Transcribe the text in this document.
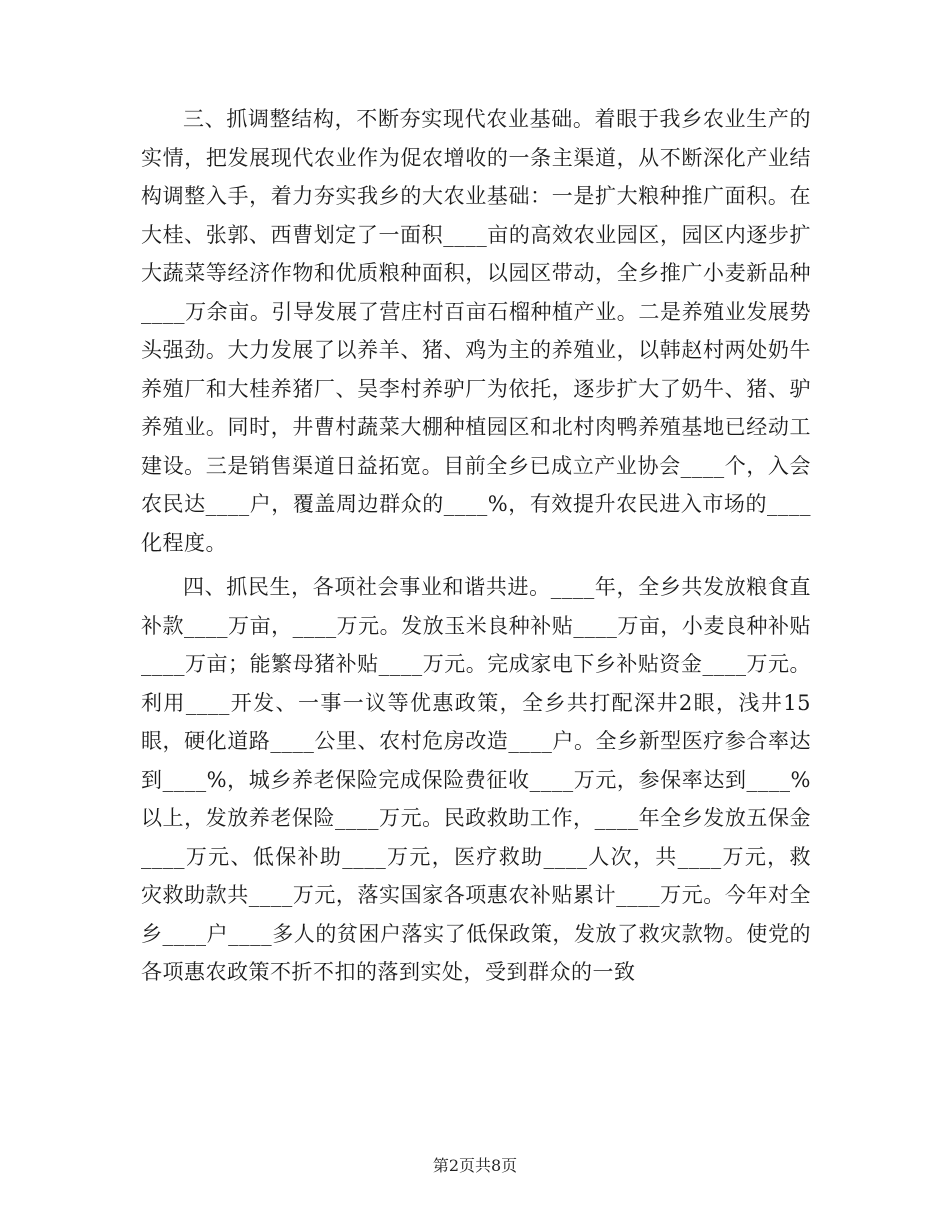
三、抓调整结构，不断夯实现代农业基础。着眼于我乡农业生产的实情，把发展现代农业作为促农增收的一条主渠道，从不断深化产业结构调整入手，着力夯实我乡的大农业基础：一是扩大粮种推广面积。在大桂、张郭、西曹划定了一面积____亩的高效农业园区，园区内逐步扩大蔬菜等经济作物和优质粮种面积，以园区带动，全乡推广小麦新品种____万余亩。引导发展了营庄村百亩石榴种植产业。二是养殖业发展势头强劲。大力发展了以养羊、猪、鸡为主的养殖业，以韩赵村两处奶牛养殖厂和大桂养猪厂、吴李村养驴厂为依托，逐步扩大了奶牛、猪、驴养殖业。同时，井曹村蔬菜大棚种植园区和北村肉鸭养殖基地已经动工建设。三是销售渠道日益拓宽。目前全乡已成立产业协会____个，入会农民达____户，覆盖周边群众的____%，有效提升农民进入市场的____化程度。

四、抓民生，各项社会事业和谐共进。____年，全乡共发放粮食直补款____万亩，____万元。发放玉米良种补贴____万亩，小麦良种补贴____万亩；能繁母猪补贴____万元。完成家电下乡补贴资金____万元。利用____开发、一事一议等优惠政策，全乡共打配深井2眼，浅井15眼，硬化道路____公里、农村危房改造____户。全乡新型医疗参合率达到____%，城乡养老保险完成保险费征收____万元，参保率达到____%以上，发放养老保险____万元。民政救助工作，____年全乡发放五保金____万元、低保补助____万元，医疗救助____人次，共____万元，救灾救助款共____万元，落实国家各项惠农补贴累计____万元。今年对全乡____户____多人的贫困户落实了低保政策，发放了救灾款物。使党的各项惠农政策不折不扣的落到实处，受到群众的一致

第2页共8页
